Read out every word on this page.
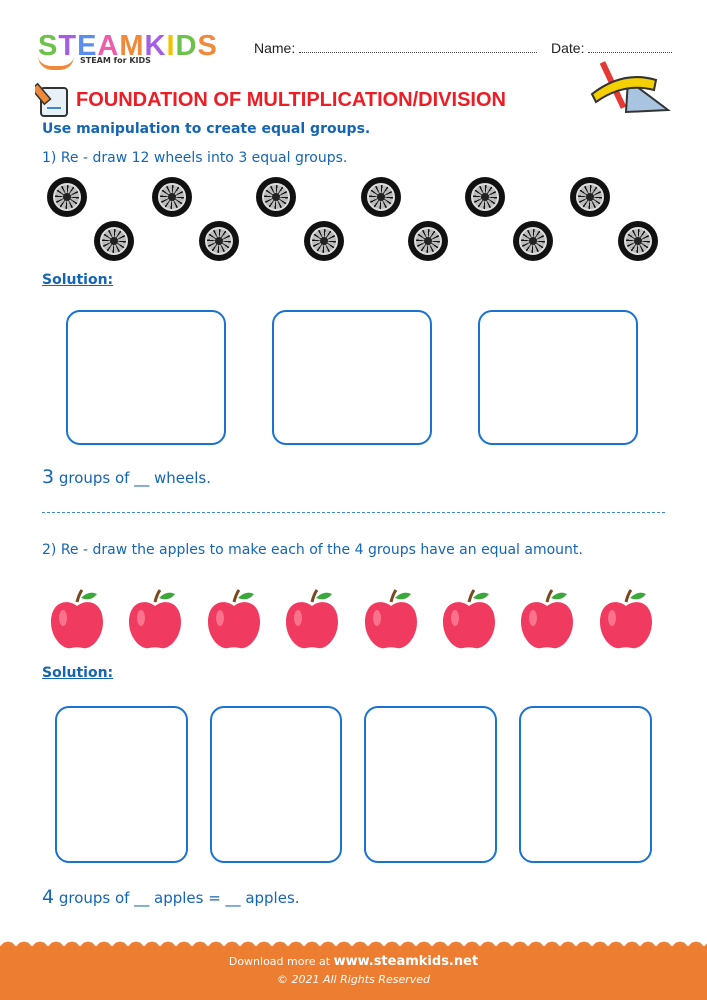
STEAMKIDS
STEAM for KIDS
Name:	Date:
FOUNDATION OF MULTIPLICATION/DIVISION
Use manipulation to create equal groups.
1) Re - draw 12 wheels into 3 equal groups.
Solution:
3 groups of __ wheels.
2) Re - draw the apples to make each of the 4 groups have an equal amount.
Solution:
4 groups of __ apples = __ apples.
Download more at www.steamkids.net
© 2021 All Rights Reserved
